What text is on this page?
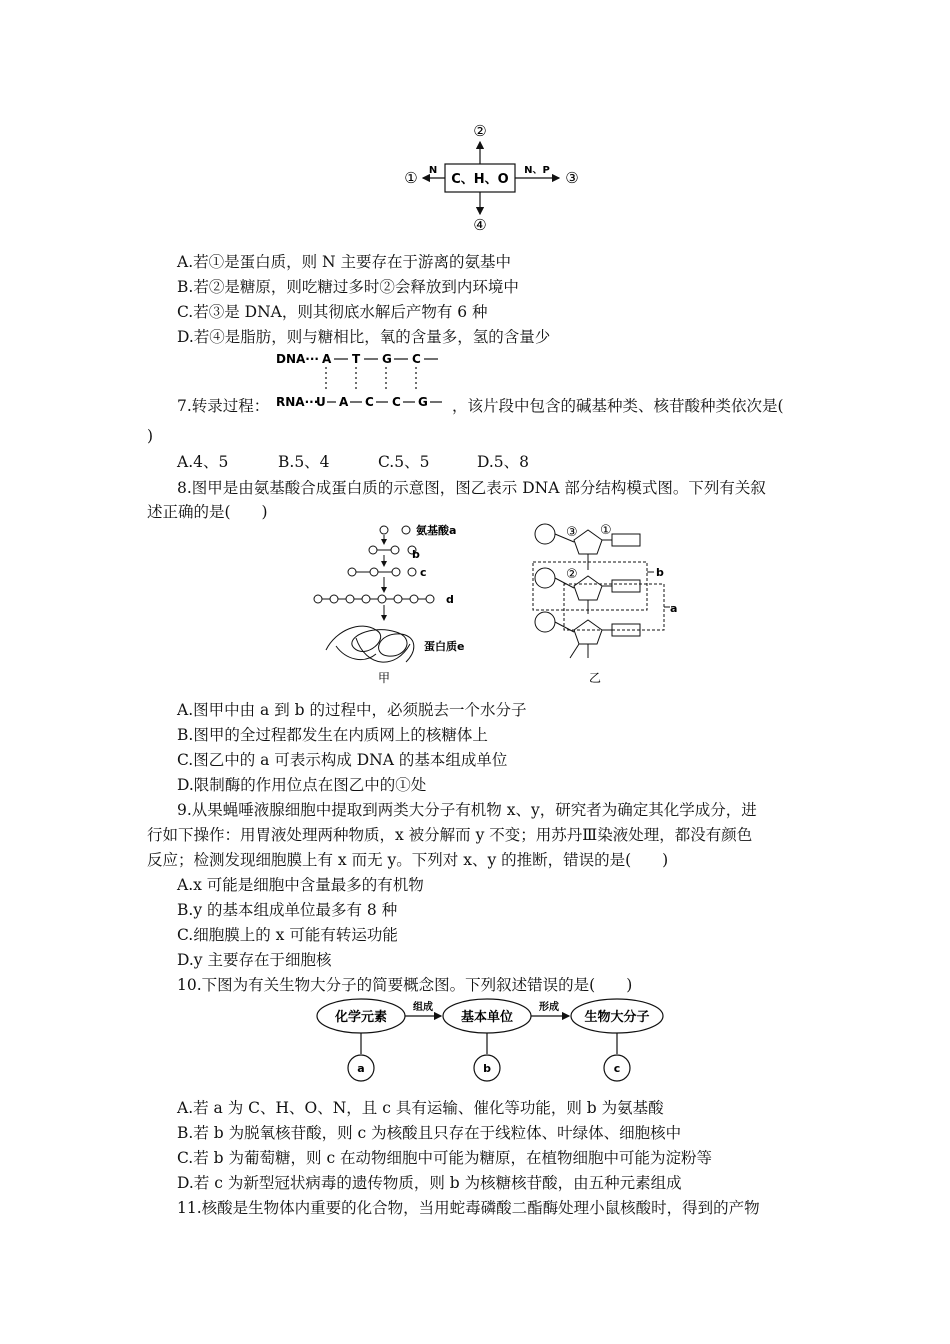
C、H、O
②
④
N
①	N、P ③
A.若①是蛋白质，则 N 主要存在于游离的氨基中
B.若②是糖原，则吃糖过多时②会释放到内环境中
C.若③是 DNA，则其彻底水解后产物有 6 种
D.若④是脂肪，则与糖相比，氧的含量多，氢的含量少
DNA··· A T G C
RNA···
U A C C G
7.转录过程：	，该片段中包含的碱基种类、核苷酸种类依次是(
)
A.4、5	B.5、4	C.5、5	D.5、8
8.图甲是由氨基酸合成蛋白质的示意图，图乙表示 DNA 部分结构模式图。下列有关叙
述正确的是(　　)
氨基酸a
b
c
d
蛋白质e
甲
③ ①
②	b
a
乙
A.图甲中由 a 到 b 的过程中，必须脱去一个水分子
B.图甲的全过程都发生在内质网上的核糖体上
C.图乙中的 a 可表示构成 DNA 的基本组成单位
D.限制酶的作用位点在图乙中的①处
9.从果蝇唾液腺细胞中提取到两类大分子有机物 x、y，研究者为确定其化学成分，进
行如下操作：用胃液处理两种物质，x 被分解而 y 不变；用苏丹Ⅲ染液处理，都没有颜色
反应；检测发现细胞膜上有 x 而无 y。下列对 x、y 的推断，错误的是(　　)
A.x 可能是细胞中含量最多的有机物
B.y 的基本组成单位最多有 8 种
C.细胞膜上的 x 可能有转运功能
D.y 主要存在于细胞核
10.下图为有关生物大分子的简要概念图。下列叙述错误的是(　　)
化学元素
组成
基本单位
形成
生物大分子
a	b	c
A.若 a 为 C、H、O、N，且 c 具有运输、催化等功能，则 b 为氨基酸
B.若 b 为脱氧核苷酸，则 c 为核酸且只存在于线粒体、叶绿体、细胞核中
C.若 b 为葡萄糖，则 c 在动物细胞中可能为糖原，在植物细胞中可能为淀粉等
D.若 c 为新型冠状病毒的遗传物质，则 b 为核糖核苷酸，由五种元素组成
11.核酸是生物体内重要的化合物，当用蛇毒磷酸二酯酶处理小鼠核酸时，得到的产物
